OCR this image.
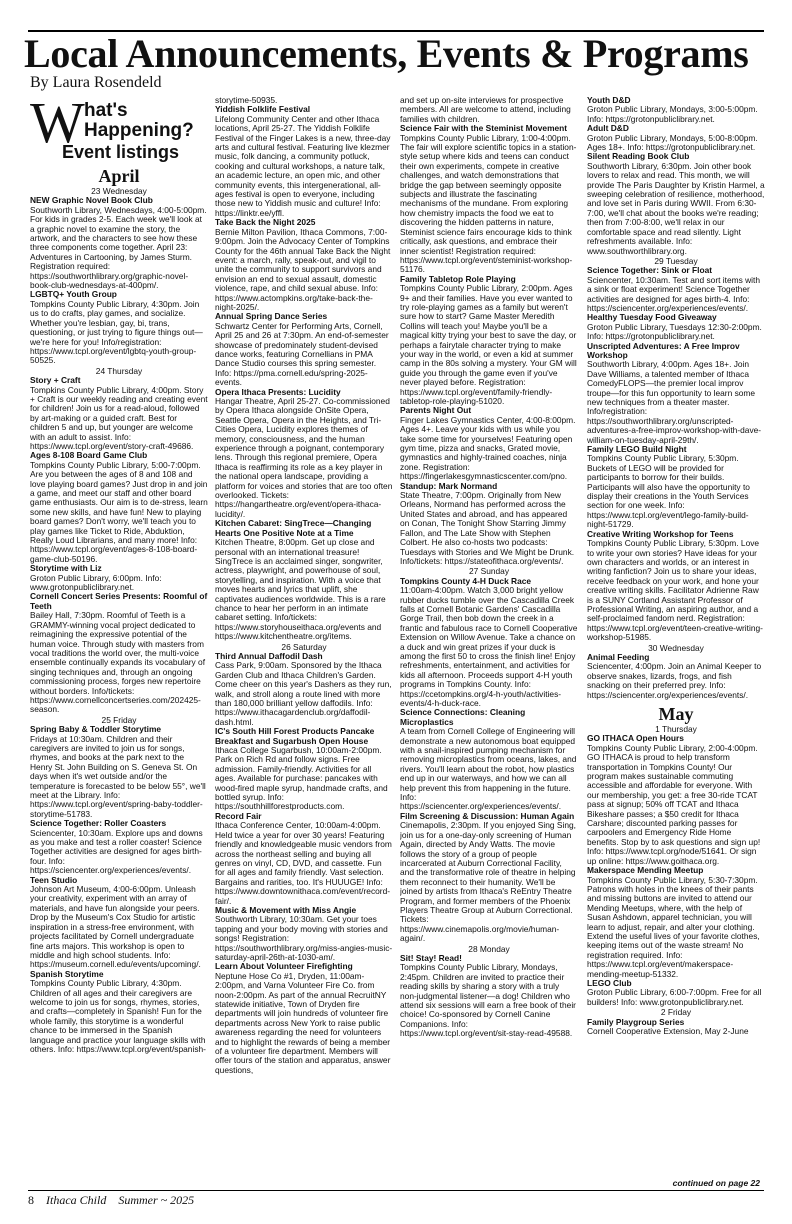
Local Announcements, Events & Programs
By Laura Rosendeld
W hat's
Happening?
Event listings
April
23 Wednesday

NEW Graphic Novel Book Club

Southworth Library, Wednesdays, 4:00-5:00pm. For kids in grades 2-5. Each week we'll look at a graphic novel to examine the story, the artwork, and the characters to see how these three components come together. April 23: Adventures in Cartooning, by James Sturm. Registration required: https://southworthlibrary.org/graphic-novel-book-club-wednesdays-at-400pm/.

LGBTQ+ Youth Group

Tompkins County Public Library, 4:30pm. Join us to do crafts, play games, and socialize. Whether you're lesbian, gay, bi, trans, questioning, or just trying to figure things out—we're here for you! Info/registration: https://www.tcpl.org/event/lgbtq-youth-group-50525.

24 Thursday

Story + Craft

Tompkins County Public Library, 4:00pm. Story + Craft is our weekly reading and creating event for children! Join us for a read-aloud, followed by art-making or a guided craft. Best for children 5 and up, but younger are welcome with an adult to assist. Info: https://www.tcpl.org/event/story-craft-49686.

Ages 8-108 Board Game Club

Tompkins County Public Library, 5:00-7:00pm. Are you between the ages of 8 and 108 and love playing board games? Just drop in and join a game, and meet our staff and other board game enthusiasts. Our aim is to de-stress, learn some new skills, and have fun! New to playing board games? Don't worry, we'll teach you to play games like Ticket to Ride, Abduktion, Really Loud Librarians, and many more! Info: https://www.tcpl.org/event/ages-8-108-board-game-club-50196.

Storytime with Liz

Groton Public Library, 6:00pm. Info: www.grotonpubliclibrary.net.

Cornell Concert Series Presents: Roomful of Teeth

Bailey Hall, 7:30pm. Roomful of Teeth is a GRAMMY-winning vocal project dedicated to reimagining the expressive potential of the human voice. Through study with masters from vocal traditions the world over, the multi-voice ensemble continually expands its vocabulary of singing techniques and, through an ongoing commissioning process, forges new repertoire without borders. Info/tickets: https://www.cornellconcertseries.com/202425-season.

25 Friday

Spring Baby & Toddler Storytime

Fridays at 10:30am. Children and their caregivers are invited to join us for songs, rhymes, and books at the park next to the Henry St. John Building on S. Geneva St. On days when it's wet outside and/or the temperature is forecasted to be below 55°, we'll meet at the Library. Info: https://www.tcpl.org/event/spring-baby-toddler-storytime-51783.

Science Together: Roller Coasters

Sciencenter, 10:30am. Explore ups and downs as you make and test a roller coaster! Science Together activities are designed for ages birth-four. Info: https://sciencenter.org/experiences/events/.

Teen Studio

Johnson Art Museum, 4:00-6:00pm. Unleash your creativity, experiment with an array of materials, and have fun alongside your peers. Drop by the Museum's Cox Studio for artistic inspiration in a stress-free environment, with projects facilitated by Cornell undergraduate fine arts majors. This workshop is open to middle and high school students. Info: https://museum.cornell.edu/events/upcoming/.

Spanish Storytime

Tompkins County Public Library, 4:30pm. Children of all ages and their caregivers are welcome to join us for songs, rhymes, stories, and crafts—completely in Spanish! Fun for the whole family, this storytime is a wonderful chance to be immersed in the Spanish language and practice your language skills with others. Info: https://www.tcpl.org/event/spanish-

storytime-50935.

Yiddish Folklife Festival

Lifelong Community Center and other Ithaca locations, April 25-27. The Yiddish Folklife Festival of the Finger Lakes is a new, three-day arts and cultural festival. Featuring live klezmer music, folk dancing, a community potluck, cooking and cultural workshops, a nature talk, an academic lecture, an open mic, and other community events, this intergenerational, all-ages festival is open to everyone, including those new to Yiddish music and culture! Info: https://linktr.ee/yffl.

Take Back the Night 2025

Bernie Milton Pavilion, Ithaca Commons, 7:00-9:00pm. Join the Advocacy Center of Tompkins County for the 46th annual Take Back the Night event: a march, rally, speak-out, and vigil to unite the community to support survivors and envision an end to sexual assault, domestic violence, rape, and child sexual abuse. Info: https://www.actompkins.org/take-back-the-night-2025/.

Annual Spring Dance Series

Schwartz Center for Performing Arts, Cornell, April 25 and 26 at 7:30pm. An end-of-semester showcase of predominately student-devised dance works, featuring Cornellians in PMA Dance Studio courses this spring semester. Info: https://pma.cornell.edu/spring-2025-events.

Opera Ithaca Presents: Lucidity

Hangar Theatre, April 25-27. Co-commissioned by Opera Ithaca alongside OnSite Opera, Seattle Opera, Opera in the Heights, and Tri-Cities Opera, Lucidity explores themes of memory, consciousness, and the human experience through a poignant, contemporary lens. Through this regional premiere, Opera Ithaca is reaffirming its role as a key player in the national opera landscape, providing a platform for voices and stories that are too often overlooked. Tickets: https://hangartheatre.org/event/opera-ithaca-lucidity/.

Kitchen Cabaret: SingTrece—Changing Hearts One Positive Note at a Time

Kitchen Theatre, 8:00pm. Get up close and personal with an international treasure! SingTrece is an acclaimed singer, songwriter, actress, playwright, and powerhouse of soul, storytelling, and inspiration. With a voice that moves hearts and lyrics that uplift, she captivates audiences worldwide. This is a rare chance to hear her perform in an intimate cabaret setting. Info/tickets: https://www.storyhouseithaca.org/events and https://www.kitchentheatre.org/items.

26 Saturday

Third Annual Daffodil Dash

Cass Park, 9:00am. Sponsored by the Ithaca Garden Club and Ithaca Children's Garden. Come cheer on this year's Dashers as they run, walk, and stroll along a route lined with more than 180,000 brilliant yellow daffodils. Info: https://www.ithacagardenclub.org/daffodil-dash.html.

IC's South Hill Forest Products Pancake Breakfast and Sugarbush Open House

Ithaca College Sugarbush, 10:00am-2:00pm. Park on Rich Rd and follow signs. Free admission. Family-friendly. Activities for all ages. Available for purchase: pancakes with wood-fired maple syrup, handmade crafts, and bottled syrup. Info: https://southhillforestproducts.com.

Record Fair

Ithaca Conference Center, 10:00am-4:00pm. Held twice a year for over 30 years! Featuring friendly and knowledgeable music vendors from across the northeast selling and buying all genres on vinyl, CD, DVD, and cassette. Fun for all ages and family friendly. Vast selection. Bargains and rarities, too. It's HUUUGE! Info: https://www.downtownithaca.com/event/record-fair/.

Music & Movement with Miss Angie

Southworth Library, 10:30am. Get your toes tapping and your body moving with stories and songs! Registration: https://southworthlibrary.org/miss-angies-music-saturday-april-26th-at-1030-am/.

Learn About Volunteer Firefighting

Neptune Hose Co #1, Dryden, 11:00am-2:00pm, and Varna Volunteer Fire Co. from noon-2:00pm. As part of the annual RecruitNY statewide initiative, Town of Dryden fire departments will join hundreds of volunteer fire departments across New York to raise public awareness regarding the need for volunteers and to highlight the rewards of being a member of a volunteer fire department. Members will offer tours of the station and apparatus, answer questions,

and set up on-site interviews for prospective members. All are welcome to attend, including families with children.

Science Fair with the Steminist Movement

Tompkins County Public Library, 1:00-4:00pm. The fair will explore scientific topics in a station-style setup where kids and teens can conduct their own experiments, compete in creative challenges, and watch demonstrations that bridge the gap between seemingly opposite subjects and illustrate the fascinating mechanisms of the mundane. From exploring how chemistry impacts the food we eat to discovering the hidden patterns in nature, Steminist science fairs encourage kids to think critically, ask questions, and embrace their inner scientist! Registration required: https://www.tcpl.org/event/steminist-workshop-51176.

Family Tabletop Role Playing

Tompkins County Public Library, 2:00pm. Ages 9+ and their families. Have you ever wanted to try role-playing games as a family but weren't sure how to start? Game Master Meredith Collins will teach you! Maybe you'll be a magical kitty trying your best to save the day, or perhaps a fairytale character trying to make your way in the world, or even a kid at summer camp in the 80s solving a mystery. Your GM will guide you through the game even if you've never played before. Registration: https://www.tcpl.org/event/family-friendly-tabletop-role-playing-51020.

Parents Night Out

Finger Lakes Gymnastics Center, 4:00-8:00pm. Ages 4+. Leave your kids with us while you take some time for yourselves! Featuring open gym time, pizza and snacks, Grated movie, gymnastics and highly-trained coaches, ninja zone. Registration: https://fingerlakesgymnasticscenter.com/pno.

Standup: Mark Normand

State Theatre, 7:00pm. Originally from New Orleans, Normand has performed across the United States and abroad, and has appeared on Conan, The Tonight Show Starring Jimmy Fallon, and The Late Show with Stephen Colbert. He also co-hosts two podcasts: Tuesdays with Stories and We Might be Drunk. Info/tickets: https://stateofithaca.org/events/.

27 Sunday

Tompkins County 4-H Duck Race

11:00am-4:00pm. Watch 3,000 bright yellow rubber ducks tumble over the Cascadilla Creek falls at Cornell Botanic Gardens' Cascadilla Gorge Trail, then bob down the creek in a frantic and fabulous race to Cornell Cooperative Extension on Willow Avenue. Take a chance on a duck and win great prizes if your duck is among the first 50 to cross the finish line! Enjoy refreshments, entertainment, and activities for kids all afternoon. Proceeds support 4-H youth programs in Tompkins County. Info: https://ccetompkins.org/4-h-youth/activities-events/4-h-duck-race.

Science Connections: Cleaning Microplastics

A team from Cornell College of Engineering will demonstrate a new autonomous boat equipped with a snail-inspired pumping mechanism for removing microplastics from oceans, lakes, and rivers. You'll learn about the robot, how plastics end up in our waterways, and how we can all help prevent this from happening in the future. Info: https://sciencenter.org/experiences/events/.

Film Screening & Discussion: Human Again

Cinemapolis, 2:30pm. If you enjoyed Sing Sing, join us for a one-day-only screening of Human Again, directed by Andy Watts. The movie follows the story of a group of people incarcerated at Auburn Correctional Facility, and the transformative role of theatre in helping them reconnect to their humanity. We'll be joined by artists from Ithaca's ReEntry Theatre Program, and former members of the Phoenix Players Theatre Group at Auburn Correctional. Tickets: https://www.cinemapolis.org/movie/human-again/.

28 Monday

Sit! Stay! Read!

Tompkins County Public Library, Mondays, 2:45pm. Children are invited to practice their reading skills by sharing a story with a truly non-judgmental listener—a dog! Children who attend six sessions will earn a free book of their choice! Co-sponsored by Cornell Canine Companions. Info: https://www.tcpl.org/event/sit-stay-read-49588.

Youth D&D

Groton Public Library, Mondays, 3:00-5:00pm. Info: https://grotonpubliclibrary.net.

Adult D&D

Groton Public Library, Mondays, 5:00-8:00pm. Ages 18+. Info: https://grotonpubliclibrary.net.

Silent Reading Book Club

Southworth Library, 6:30pm. Join other book lovers to relax and read. This month, we will provide The Paris Daughter by Kristin Harmel, a sweeping celebration of resilience, motherhood, and love set in Paris during WWII. From 6:30-7:00, we'll chat about the books we're reading; then from 7:00-8:00, we'll relax in our comfortable space and read silently. Light refreshments available. Info: www.southworthlibrary.org.

29 Tuesday

Science Together: Sink or Float

Sciencenter, 10:30am. Test and sort items with a sink or float experiment! Science Together activities are designed for ages birth-4. Info: https://sciencenter.org/experiences/events/.

Healthy Tuesday Food Giveaway

Groton Public Library, Tuesdays 12:30-2:00pm. Info: https://grotonpubliclibrary.net.

Unscripted Adventures: A Free Improv Workshop

Southworth Library, 4:00pm. Ages 18+. Join Dave Williams, a talented member of Ithaca ComedyFLOPS—the premier local improv troupe—for this fun opportunity to learn some new techniques from a theater master. Info/registration: https://southworthlibrary.org/unscripted-adventures-a-free-improv-workshop-with-dave-william-on-tuesday-april-29th/.

Family LEGO Build Night

Tompkins County Public Library, 5:30pm. Buckets of LEGO will be provided for participants to borrow for their builds. Participants will also have the opportunity to display their creations in the Youth Services section for one week. Info: https://www.tcpl.org/event/lego-family-build-night-51729.

Creative Writing Workshop for Teens

Tompkins County Public Library, 5:30pm. Love to write your own stories? Have ideas for your own characters and worlds, or an interest in writing fanfiction? Join us to share your ideas, receive feedback on your work, and hone your creative writing skills. Facilitator Adrienne Raw is a SUNY Cortland Assistant Professor of Professional Writing, an aspiring author, and a self-proclaimed fandom nerd. Registration: https://www.tcpl.org/event/teen-creative-writing-workshop-51985.

30 Wednesday

Animal Feeding

Sciencenter, 4:00pm. Join an Animal Keeper to observe snakes, lizards, frogs, and fish snacking on their preferred prey. Info: https://sciencenter.org/experiences/events/.

May
1 Thursday

GO ITHACA Open Hours

Tompkins County Public Library, 2:00-4:00pm. GO ITHACA is proud to help transform transportation in Tompkins County! Our program makes sustainable commuting accessible and affordable for everyone. With our membership, you get: a free 30-ride TCAT pass at signup; 50% off TCAT and Ithaca Bikeshare passes; a $50 credit for Ithaca Carshare; discounted parking passes for carpoolers and Emergency Ride Home benefits. Stop by to ask questions and sign up! Info: https://www.tcpl.org/node/51641. Or sign up online: https://www.goithaca.org.

Makerspace Mending Meetup

Tompkins County Public Library, 5:30-7:30pm. Patrons with holes in the knees of their pants and missing buttons are invited to attend our Mending Meetups, where, with the help of Susan Ashdown, apparel technician, you will learn to adjust, repair, and alter your clothing. Extend the useful lives of your favorite clothes, keeping items out of the waste stream! No registration required. Info: https://www.tcpl.org/event/makerspace-mending-meetup-51332.

LEGO Club

Groton Public Library, 6:00-7:00pm. Free for all builders! Info: www.grotonpubliclibrary.net.

2 Friday

Family Playgroup Series

Cornell Cooperative Extension, May 2-June

continued on page 22
8 Ithaca Child Summer ~ 2025
